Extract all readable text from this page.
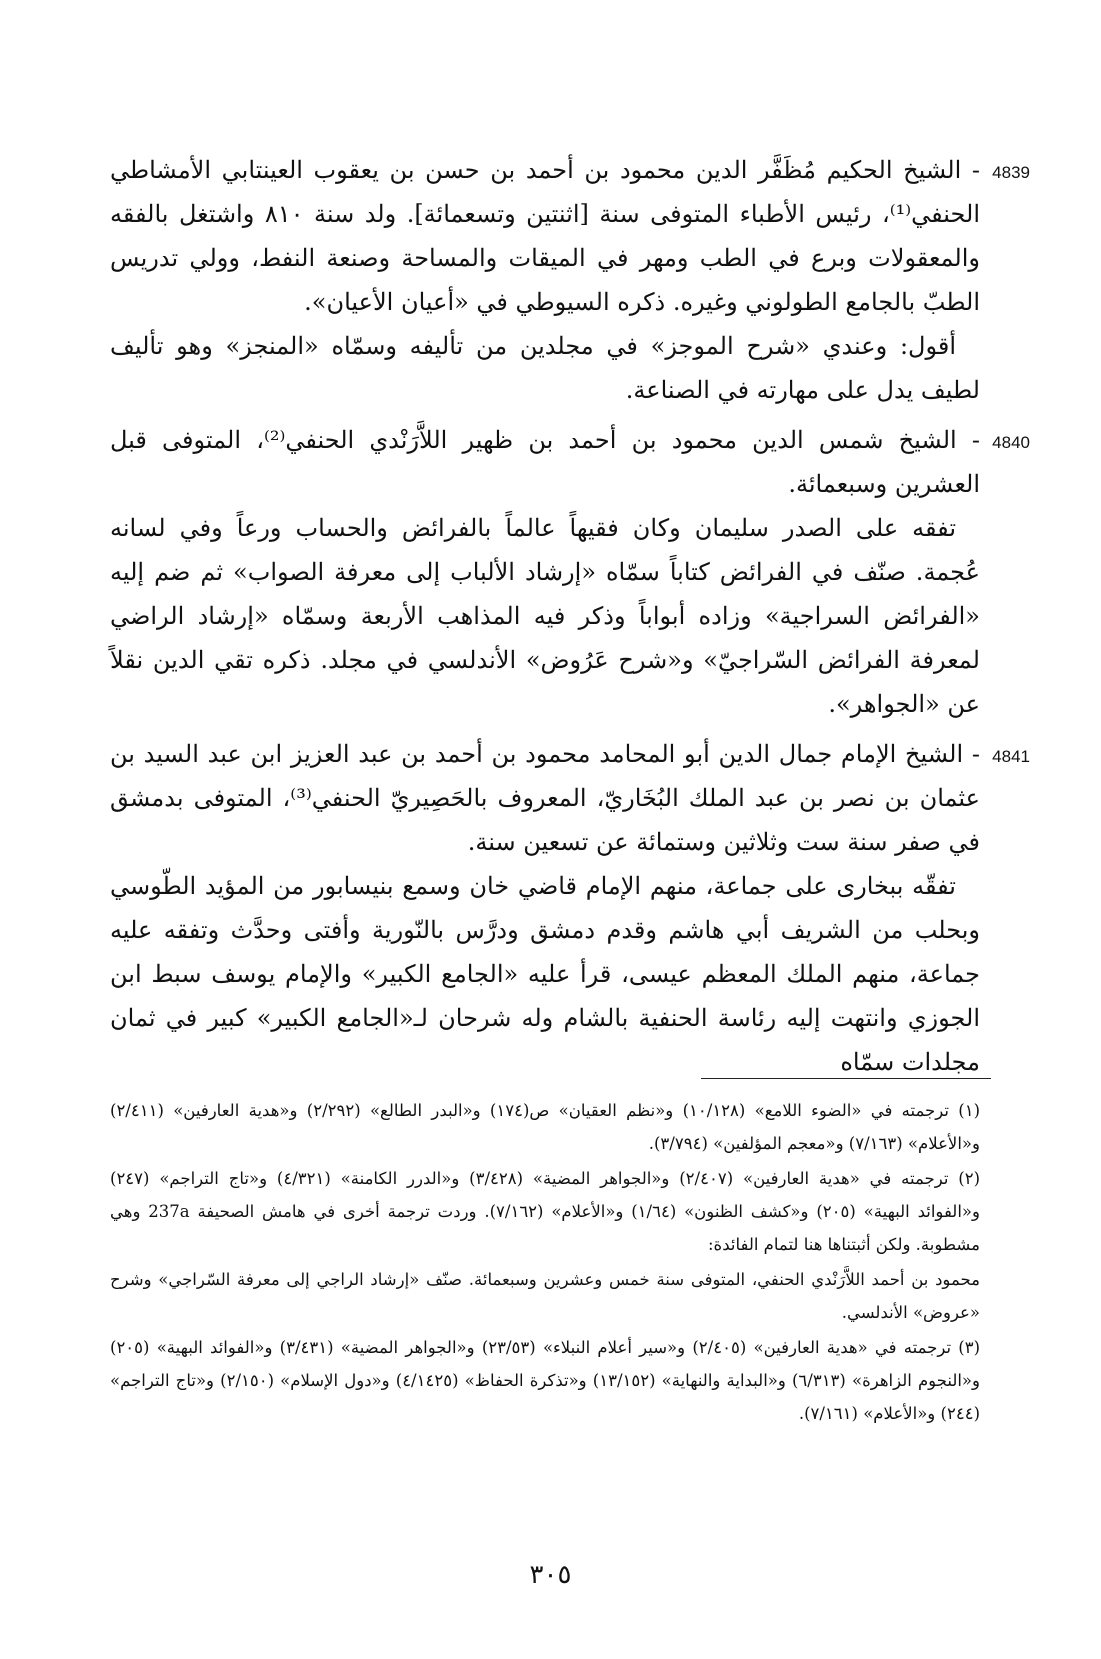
4839
- الشيخ الحكيم مُظَفَّر الدين محمود بن أحمد بن حسن بن يعقوب العينتابي الأمشاطي الحنفي⁽¹⁾، رئيس الأطباء المتوفى سنة [اثنتين وتسعمائة]. ولد سنة ٨١٠ واشتغل بالفقه والمعقولات وبرع في الطب ومهر في الميقات والمساحة وصنعة النفط، وولي تدريس الطبّ بالجامع الطولوني وغيره. ذكره السيوطي في «أعيان الأعيان».

أقول: وعندي «شرح الموجز» في مجلدين من تأليفه وسمّاه «المنجز» وهو تأليف لطيف يدل على مهارته في الصناعة.

4840
- الشيخ شمس الدين محمود بن أحمد بن ظهير اللاَّرَنْدي الحنفي⁽²⁾، المتوفى قبل العشرين وسبعمائة.

تفقه على الصدر سليمان وكان فقيهاً عالماً بالفرائض والحساب ورعاً وفي لسانه عُجمة. صنّف في الفرائض كتاباً سمّاه «إرشاد الألباب إلى معرفة الصواب» ثم ضم إليه «الفرائض السراجية» وزاده أبواباً وذكر فيه المذاهب الأربعة وسمّاه «إرشاد الراضي لمعرفة الفرائض السّراجيّ» و«شرح عَرُوض» الأندلسي في مجلد. ذكره تقي الدين نقلاً عن «الجواهر».

4841
- الشيخ الإمام جمال الدين أبو المحامد محمود بن أحمد بن عبد العزيز ابن عبد السيد بن عثمان بن نصر بن عبد الملك البُخَاريّ، المعروف بالحَصِيريّ الحنفي⁽³⁾، المتوفى بدمشق في صفر سنة ست وثلاثين وستمائة عن تسعين سنة.

تفقّه ببخارى على جماعة، منهم الإمام قاضي خان وسمع بنيسابور من المؤيد الطّوسي وبحلب من الشريف أبي هاشم وقدم دمشق ودرَّس بالنّورية وأفتى وحدَّث وتفقه عليه جماعة، منهم الملك المعظم عيسى، قرأ عليه «الجامع الكبير» والإمام يوسف سبط ابن الجوزي وانتهت إليه رئاسة الحنفية بالشام وله شرحان لـ«الجامع الكبير» كبير في ثمان مجلدات سمّاه

(١) ترجمته في «الضوء اللامع» (١٠/١٢٨) و«نظم العقيان» ص(١٧٤) و«البدر الطالع» (٢/٢٩٢) و«هدية العارفين» (٢/٤١١) و«الأعلام» (٧/١٦٣) و«معجم المؤلفين» (٣/٧٩٤).

(٢) ترجمته في «هدية العارفين» (٢/٤٠٧) و«الجواهر المضية» (٣/٤٢٨) و«الدرر الكامنة» (٤/٣٢١) و«تاج التراجم» (٢٤٧) و«الفوائد البهية» (٢٠٥) و«كشف الظنون» (١/٦٤) و«الأعلام» (٧/١٦٢). وردت ترجمة أخرى في هامش الصحيفة 237a وهي مشطوبة. ولكن أثبتناها هنا لتمام الفائدة:

محمود بن أحمد اللاَّرَنْدي الحنفي، المتوفى سنة خمس وعشرين وسبعمائة. صنّف «إرشاد الراجي إلى معرفة السّراجي» وشرح «عروض» الأندلسي.

(٣) ترجمته في «هدية العارفين» (٢/٤٠٥) و«سير أعلام النبلاء» (٢٣/٥٣) و«الجواهر المضية» (٣/٤٣١) و«الفوائد البهية» (٢٠٥) و«النجوم الزاهرة» (٦/٣١٣) و«البداية والنهاية» (١٣/١٥٢) و«تذكرة الحفاظ» (٤/١٤٢٥) و«دول الإسلام» (٢/١٥٠) و«تاج التراجم» (٢٤٤) و«الأعلام» (٧/١٦١).

٣٠٥
